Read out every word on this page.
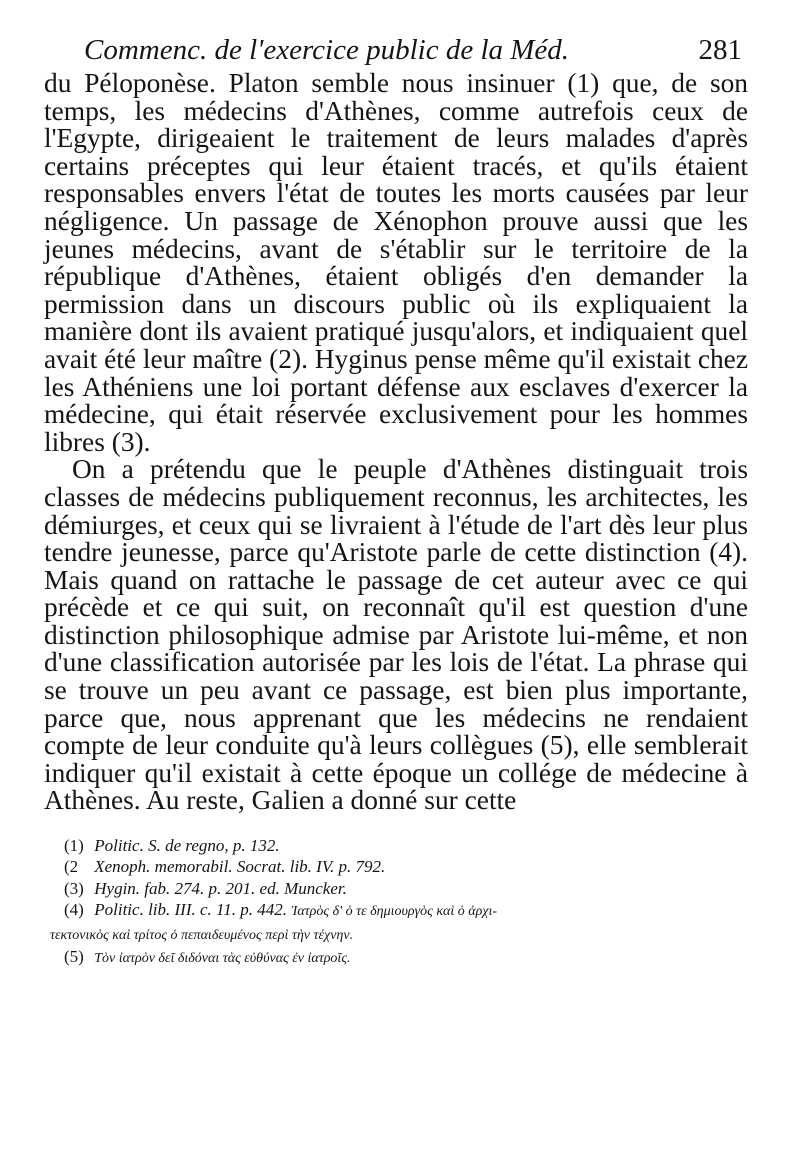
Commenc. de l'exercice public de la Méd.	281

du Péloponèse. Platon semble nous insinuer (1) que, de son temps, les médecins d'Athènes, comme autrefois ceux de l'Egypte, dirigeaient le traitement de leurs malades d'après certains préceptes qui leur étaient tracés, et qu'ils étaient responsables envers l'état de toutes les morts causées par leur négligence. Un passage de Xénophon prouve aussi que les jeunes médecins, avant de s'établir sur le territoire de la république d'Athènes, étaient obligés d'en demander la permission dans un discours public où ils expliquaient la manière dont ils avaient pratiqué jusqu'alors, et indiquaient quel avait été leur maître (2). Hyginus pense même qu'il existait chez les Athéniens une loi portant défense aux esclaves d'exercer la médecine, qui était réservée exclusivement pour les hommes libres (3).

On a prétendu que le peuple d'Athènes distinguait trois classes de médecins publiquement reconnus, les architectes, les démiurges, et ceux qui se livraient à l'étude de l'art dès leur plus tendre jeunesse, parce qu'Aristote parle de cette distinction (4). Mais quand on rattache le passage de cet auteur avec ce qui précède et ce qui suit, on reconnaît qu'il est question d'une distinction philosophique admise par Aristote lui-même, et non d'une classification autorisée par les lois de l'état. La phrase qui se trouve un peu avant ce passage, est bien plus importante, parce que, nous apprenant que les médecins ne rendaient compte de leur conduite qu'à leurs collègues (5), elle semblerait indiquer qu'il existait à cette époque un collége de médecine à Athènes. Au reste, Galien a donné sur cette

(1) Politic. S. de regno, p. 132.
(2 Xenoph. memorabil. Socrat. lib. IV. p. 792.
(3) Hygin. fab. 274. p. 201. ed. Muncker.
(4) Politic. lib. III. c. 11. p. 442. Ἰατρὸς δ' ὁ τε δημιουργὸς καὶ ὁ ἀρχι-
τεκτονικὸς καὶ τρίτος ὁ πεπαιδευμένος περὶ τὴν τέχνην.
(5) Τὸν ἰατρὸν δεῖ διδόναι τὰς εὐθύνας ἐν ἰατροῖς.
